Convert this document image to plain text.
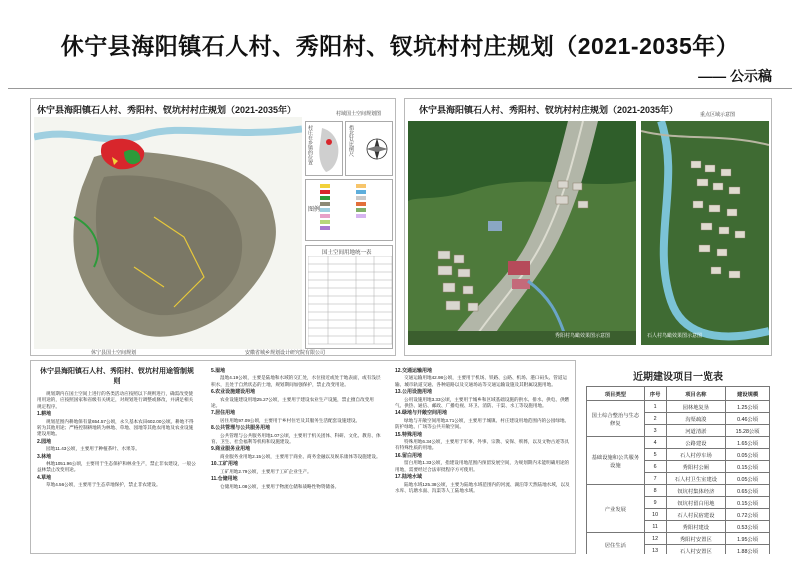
休宁县海阳镇石人村、秀阳村、钗坑村村庄规划（2021-2035年）
—— 公示稿
休宁县海阳镇石人村、秀阳村、钗坑村村庄规划（2021-2035年）	村域国土空间规划图
村庄在乡镇的位置	指北针/比例尺
图例
国土空间用地统一表
休宁县国土空间规划	安徽省城乡规划设计研究院有限公司
休宁县海阳镇石人村、秀阳村、钗坑村村庄规划（2021-2035年）	重点区域示意图
秀阳村鸟瞰效果图示意图	石人村鸟瞰效果图示意图
休宁县海阳镇石人村、秀阳村、钗坑村用途管制规则

规划期内在国土空间上进行的各类活动应按照以下规则进行，确需改变使用用途的，应按照国家和省级有关规定，对规划进行调整或修改，并满足相关规定程序。

1.耕地

规划范围内耕地保有量654.57公顷，永久基本农田602.00公顷。耕地不得转为其他用途；严格控制耕地转为林地、草地、园地等其他农用地及农业设施建设用地。

2.园地

园地11.43公顷，主要用于种植茶叶、水果等。

3.林地

林地1051.96公顷，主要用于生态保护和林业生产，禁止非农建设，一般公益林禁止改变用途。

4.草地

草地4.56公顷，主要用于生态草地保护，禁止非农建设。

5.湿地

湿地4.19公顷，主要是陆地和水域的交汇处，水位接近或处于地表面，或有浅层积水，且处于自然状态的土地，规划期间加强保护，禁止改变用途。

6.农业设施建设用地

农业设施建设用地25.27公顷，主要用于建设农业生产设施，禁止擅自改变用途。

7.居住用地

居住用地97.09公顷，主要用于乡村住宅及其服务生活配套设施建设。

8.公共管理与公共服务用地

公共管理与公共服务用地1.07公顷，主要用于机关团体、科研、文化、教育、体育、卫生、社会福利等机构和设施建设。

9.商业服务业用地

商业服务业用地2.15公顷，主要用于商业、商务金融以及娱乐康体等设施建设。

10.工矿用地

工矿用地2.79公顷，主要用于工矿企业生产。

11.仓储用地

仓储用地1.08公顷，主要用于物流仓储和战略性物资储备。

12.交通运输用地

交通运输用地42.98公顷，主要用于机场、铁路、公路、机场、港口码头、管道运输、城市轨道交通、各种道路以及交通场站等交通运输设施及其附属设施用地。

13.公用设施用地

公用设施用地3.33公顷，主要用于城乡和区域基础设施的供水、排水、供电、供燃气、供热、通信、邮政、广播电视、环卫、消防、干渠、水工等设施用地。

14.绿地与开敞空间用地

绿地与开敞空间用地3.71公顷，主要用于城镇、村庄建设用地范围内的公园绿地、防护绿地、广场等公共开敞空间。

15.特殊用地

特殊用地6.34公顷，主要用于军事、外事、宗教、安保、殡葬，以及文物古迹等具有特殊性质的用地。

16.留白用地

留白用地1.33公顷，指建设用地范围内预留发展空间，为规划期内未能明确用途的用地，需要经过合法审批程序方可使用。

17.陆地水域

陆地水域125.38公顷，主要为陆地水域范围内的河流、湖泊等天然陆地水域，以及水库、坑塘水面、沟渠等人工陆地水域。

近期建设项目一览表
项目类型	序号	项目名称	建设规模
国土综合整治与生态修复	1	园林地复垦	1.25公顷
	2	沟渠疏浚	0.46公顷
	3	河道清淤	15.28公顷
基础设施和公共服务设施	4	公路建设	1.65公顷
	5	石人村停车场	0.05公顷
	6	秀阳村公厕	0.15公顷
	7	石人村卫生室建设	0.05公顷
产业发展	8	钗坑村集体经济	0.65公顷
	9	钗坑村留白用地	0.15公顷
	10	石人村民宿建设	0.72公顷
	11	秀阳村建设	0.53公顷
居住生活	12	秀阳村安置区	1.95公顷
	13	石人村安置区	1.88公顷
